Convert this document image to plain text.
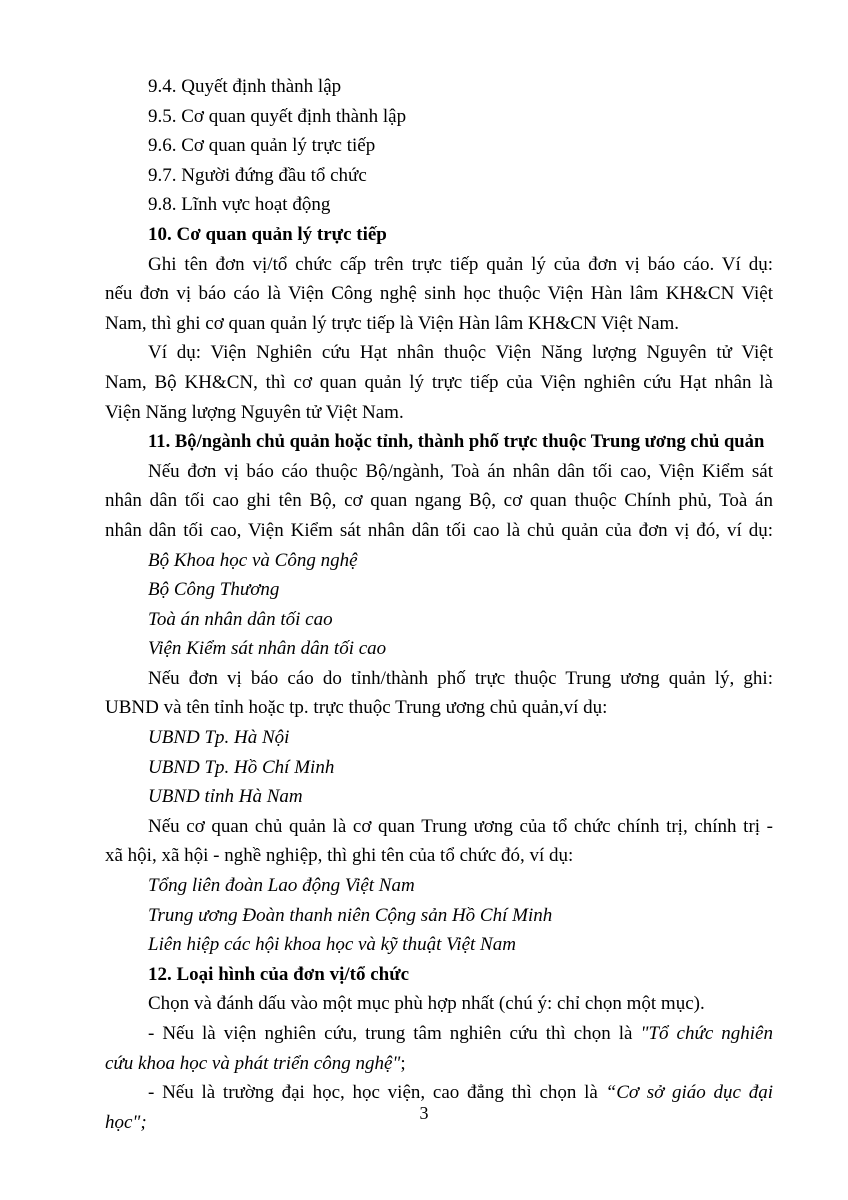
9.4. Quyết định thành lập
9.5. Cơ quan quyết định thành lập
9.6. Cơ quan quản lý trực tiếp
9.7. Người đứng đầu tổ chức
9.8. Lĩnh vực hoạt động
10. Cơ quan quản lý trực tiếp
Ghi tên đơn vị/tổ chức cấp trên trực tiếp quản lý của đơn vị báo cáo. Ví dụ:
nếu đơn vị báo cáo là Viện Công nghệ sinh học thuộc Viện Hàn lâm KH&CN Việt
Nam, thì ghi cơ quan quản lý trực tiếp là Viện Hàn lâm KH&CN Việt Nam.
Ví dụ: Viện Nghiên cứu Hạt nhân thuộc Viện Năng lượng Nguyên tử Việt
Nam, Bộ KH&CN, thì cơ quan quản lý trực tiếp của Viện nghiên cứu Hạt nhân là
Viện Năng lượng Nguyên tử Việt Nam.
11. Bộ/ngành chủ quản hoặc tỉnh, thành phố trực thuộc Trung ương chủ quản
Nếu đơn vị báo cáo thuộc Bộ/ngành, Toà án nhân dân tối cao, Viện Kiểm sát
nhân dân tối cao ghi tên Bộ, cơ quan ngang Bộ, cơ quan thuộc Chính phủ, Toà án
nhân dân tối cao, Viện Kiểm sát nhân dân tối cao là chủ quản của đơn vị đó, ví dụ:
Bộ Khoa học và Công nghệ
Bộ Công Thương
Toà án nhân dân tối cao
Viện Kiểm sát nhân dân tối cao
Nếu đơn vị báo cáo do tỉnh/thành phố trực thuộc Trung ương quản lý, ghi:
UBND và tên tỉnh hoặc tp. trực thuộc Trung ương chủ quản,ví dụ:
UBND Tp. Hà Nội
UBND Tp. Hồ Chí Minh
UBND tỉnh Hà Nam
Nếu cơ quan chủ quản là cơ quan Trung ương của tổ chức chính trị, chính trị -
xã hội, xã hội - nghề nghiệp, thì ghi tên của tổ chức đó, ví dụ:
Tổng liên đoàn Lao động Việt Nam
Trung ương Đoàn thanh niên Cộng sản Hồ Chí Minh
Liên hiệp các hội khoa học và kỹ thuật Việt Nam
12. Loại hình của đơn vị/tổ chức
Chọn và đánh dấu vào một mục phù hợp nhất (chú ý: chỉ chọn một mục).
- Nếu là viện nghiên cứu, trung tâm nghiên cứu thì chọn là "Tổ chức nghiên
cứu khoa học và phát triển công nghệ";
- Nếu là trường đại học, học viện, cao đẳng thì chọn là “Cơ sở giáo dục đại
học";	3
